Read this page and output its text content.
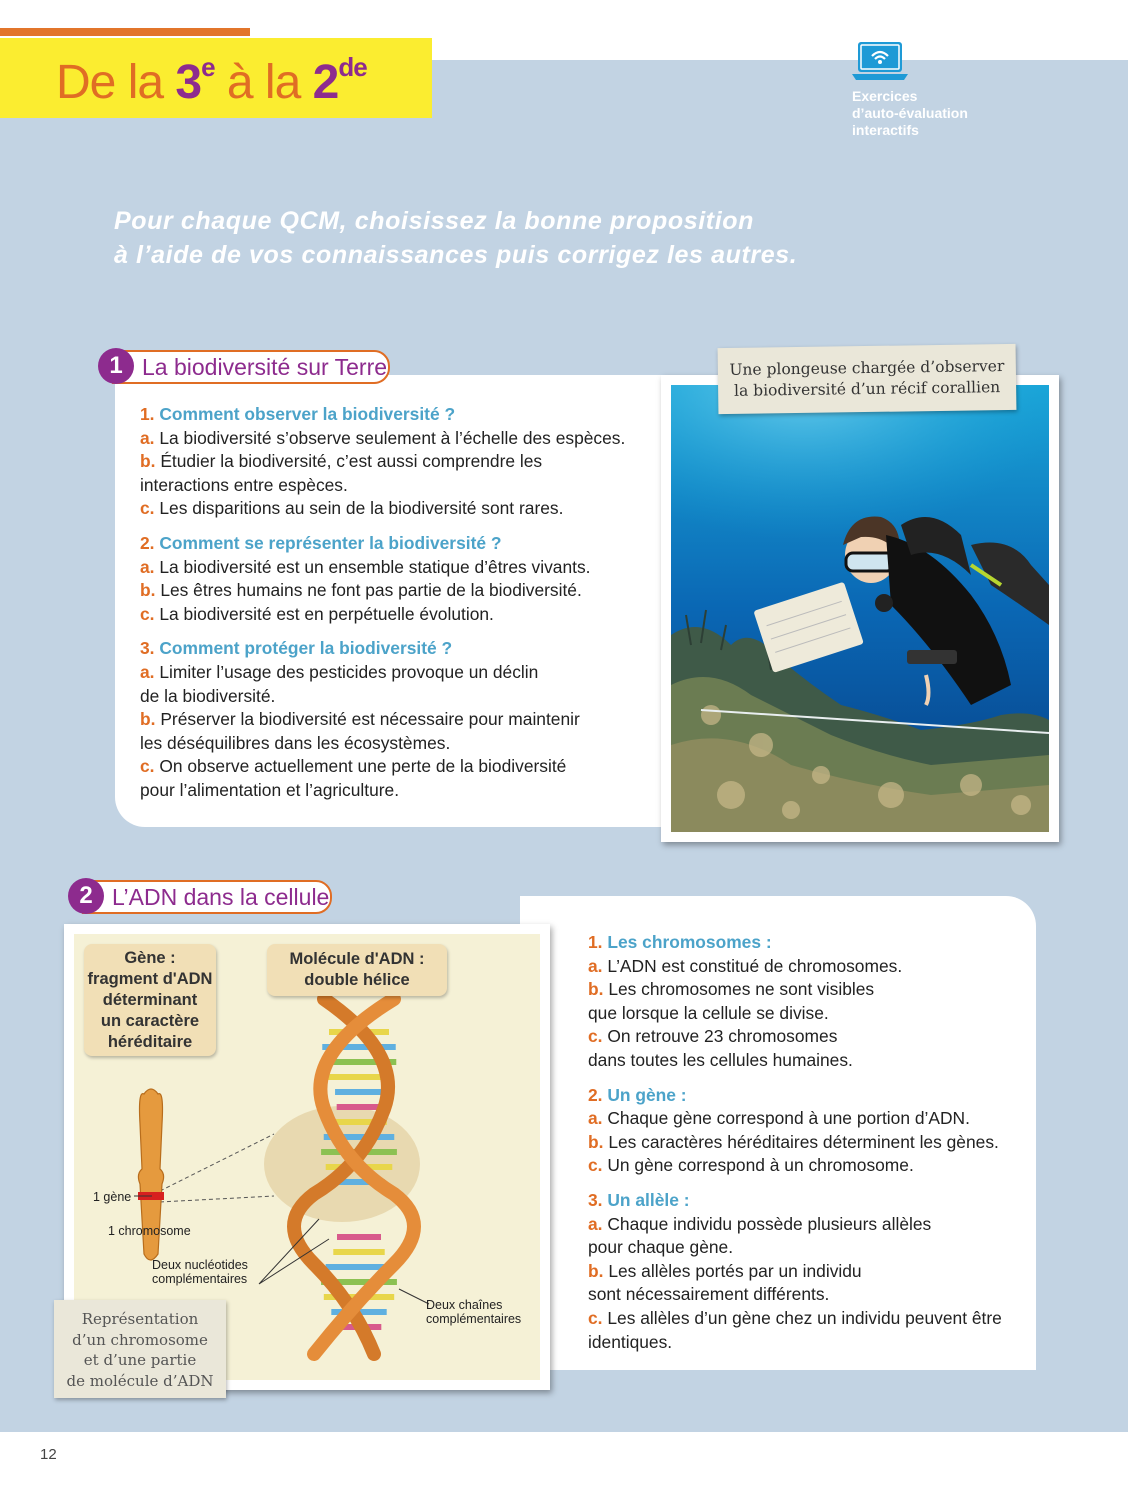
De la 3e à la 2de
Exercices
d’auto-évaluation
interactifs
Pour chaque QCM, choisissez la bonne proposition
à l’aide de vos connaissances puis corrigez les autres.
La biodiversité sur Terre
1

1. Comment observer la biodiversité ?

a. La biodiversité s’observe seulement à l’échelle des espèces.

b. Étudier la biodiversité, c’est aussi comprendre les

interactions entre espèces.

c. Les disparitions au sein de la biodiversité sont rares.

2. Comment se représenter la biodiversité ?

a. La biodiversité est un ensemble statique d’êtres vivants.

b. Les êtres humains ne font pas partie de la biodiversité.

c. La biodiversité est en perpétuelle évolution.

3. Comment protéger la biodiversité ?

a. Limiter l’usage des pesticides provoque un déclin

de la biodiversité.

b. Préserver la biodiversité est nécessaire pour maintenir

les déséquilibres dans les écosystèmes.

c. On observe actuellement une perte de la biodiversité

pour l’alimentation et l’agriculture.

Une plongeuse chargée d’observer
la biodiversité d’un récif corallien
L’ADN dans la cellule
2
Gène :
fragment d'ADN
déterminant
un caractère
héréditaire
Molécule d'ADN :
double hélice
1 gène
1 chromosome
Deux nucléotides
complémentaires
Deux chaînes
complémentaires
Représentation
d’un chromosome
et d’une partie
de molécule d’ADN

1. Les chromosomes :

a. L’ADN est constitué de chromosomes.

b. Les chromosomes ne sont visibles

que lorsque la cellule se divise.

c. On retrouve 23 chromosomes

dans toutes les cellules humaines.

2. Un gène :

a. Chaque gène correspond à une portion d’ADN.

b. Les caractères héréditaires déterminent les gènes.

c. Un gène correspond à un chromosome.

3. Un allèle :

a. Chaque individu possède plusieurs allèles

pour chaque gène.

b. Les allèles portés par un individu

sont nécessairement différents.

c. Les allèles d’un gène chez un individu peuvent être

identiques.

12
